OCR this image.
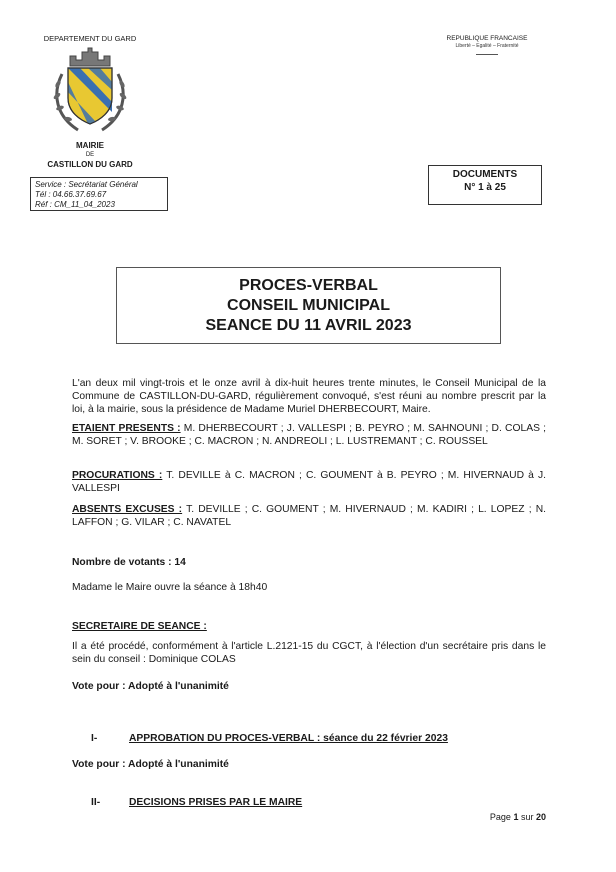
DEPARTEMENT DU GARD
MAIRIE
DE
CASTILLON DU GARD
REPUBLIQUE FRANCAISE
Liberté – Egalité – Fraternité
Service : Secrétariat Général
Tél : 04.66.37.69.67
Réf : CM_11_04_2023
DOCUMENTS
N° 1 à 25
PROCES-VERBAL
CONSEIL MUNICIPAL
SEANCE DU 11 AVRIL 2023
L'an deux mil vingt-trois et le onze avril à dix-huit heures trente minutes, le Conseil Municipal de la Commune de CASTILLON-DU-GARD, régulièrement convoqué, s'est réuni au nombre prescrit par la loi, à la mairie, sous la présidence de Madame Muriel DHERBECOURT, Maire.
ETAIENT PRESENTS : M. DHERBECOURT ; J. VALLESPI ; B. PEYRO ; M. SAHNOUNI ; D. COLAS ; M. SORET ; V. BROOKE ; C. MACRON ; N. ANDREOLI ; L. LUSTREMANT ; C. ROUSSEL
PROCURATIONS : T. DEVILLE à C. MACRON ; C. GOUMENT à B. PEYRO ; M. HIVERNAUD à J. VALLESPI
ABSENTS EXCUSES : T. DEVILLE ; C. GOUMENT ; M. HIVERNAUD ; M. KADIRI ; L. LOPEZ ; N. LAFFON ; G. VILAR ; C. NAVATEL
Nombre de votants : 14
Madame le Maire ouvre la séance à 18h40
SECRETAIRE DE SEANCE :
Il a été procédé, conformément à l'article L.2121-15 du CGCT, à l'élection d'un secrétaire pris dans le sein du conseil : Dominique COLAS
Vote pour : Adopté à l'unanimité
I-	APPROBATION DU PROCES-VERBAL : séance du 22 février 2023
Vote pour : Adopté à l'unanimité
II-	DECISIONS PRISES PAR LE MAIRE
Page 1 sur 20
